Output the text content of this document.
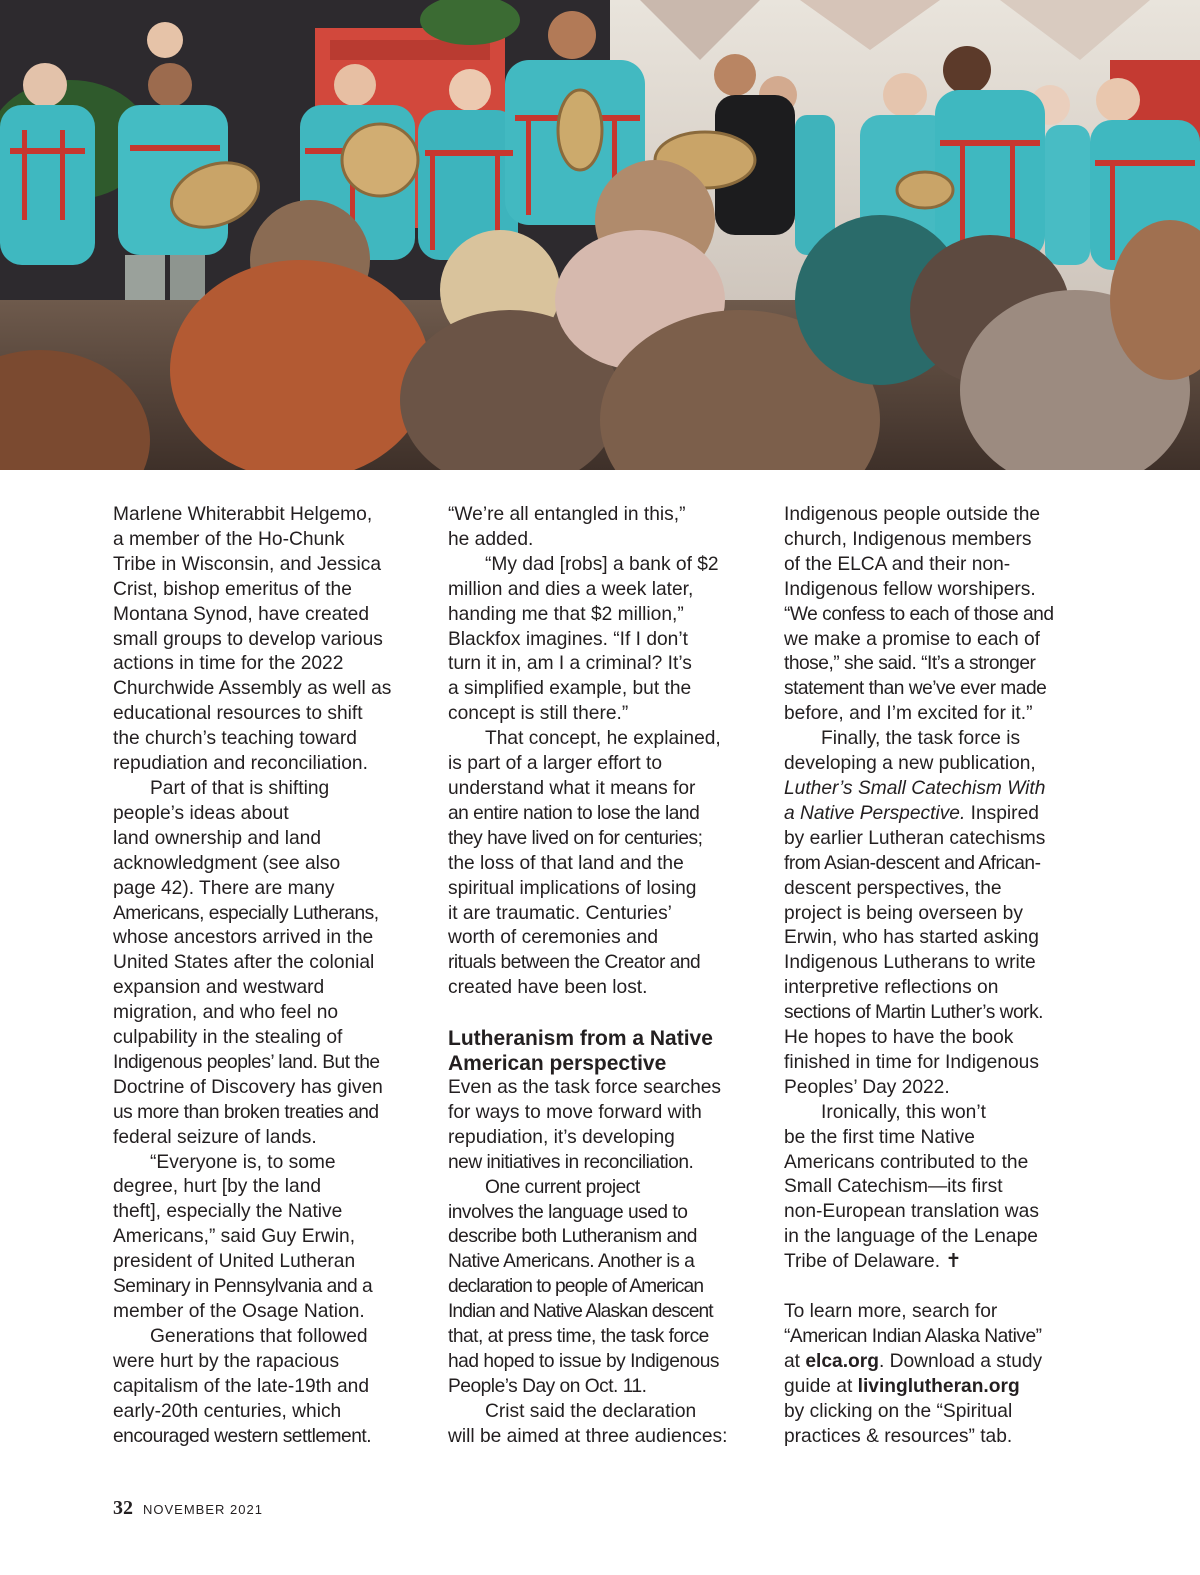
Marlene Whiterabbit Helgemo,
a member of the Ho-Chunk
Tribe in Wisconsin, and Jessica
Crist, bishop emeritus of the
Montana Synod, have created
small groups to develop various
actions in time for the 2022
Churchwide Assembly as well as
educational resources to shift
the church’s teaching toward
repudiation and reconciliation.
Part of that is shifting
people’s ideas about
land ownership and land
acknowledgment (see also
page 42). There are many
Americans, especially Lutherans,
whose ancestors arrived in the
United States after the colonial
expansion and westward
migration, and who feel no
culpability in the stealing of
Indigenous peoples’ land. But the
Doctrine of Discovery has given
us more than broken treaties and
federal seizure of lands.
“Everyone is, to some
degree, hurt [by the land
theft], especially the Native
Americans,” said Guy Erwin,
president of United Lutheran
Seminary in Pennsylvania and a
member of the Osage Nation.
Generations that followed
were hurt by the rapacious
capitalism of the late-19th and
early-20th centuries, which
encouraged western settlement.
“We’re all entangled in this,”
he added.
“My dad [robs] a bank of $2
million and dies a week later,
handing me that $2 million,”
Blackfox imagines. “If I don’t
turn it in, am I a criminal? It’s
a simplified example, but the
concept is still there.”
That concept, he explained,
is part of a larger effort to
understand what it means for
an entire nation to lose the land
they have lived on for centuries;
the loss of that land and the
spiritual implications of losing
it are traumatic. Centuries’
worth of ceremonies and
rituals between the Creator and
created have been lost.
Lutheranism from a Native
American perspective
Even as the task force searches
for ways to move forward with
repudiation, it’s developing
new initiatives in reconciliation.
One current project
involves the language used to
describe both Lutheranism and
Native Americans. Another is a
declaration to people of American
Indian and Native Alaskan descent
that, at press time, the task force
had hoped to issue by Indigenous
People’s Day on Oct. 11.
Crist said the declaration
will be aimed at three audiences:
Indigenous people outside the
church, Indigenous members
of the ELCA and their non-
Indigenous fellow worshipers.
“We confess to each of those and
we make a promise to each of
those,” she said. “It’s a stronger
statement than we’ve ever made
before, and I’m excited for it.”
Finally, the task force is
developing a new publication,
Luther’s Small Catechism With
a Native Perspective. Inspired
by earlier Lutheran catechisms
from Asian-descent and African-
descent perspectives, the
project is being overseen by
Erwin, who has started asking
Indigenous Lutherans to write
interpretive reflections on
sections of Martin Luther’s work.
He hopes to have the book
finished in time for Indigenous
Peoples’ Day 2022.
Ironically, this won’t
be the first time Native
Americans contributed to the
Small Catechism—its first
non-European translation was
in the language of the Lenape
Tribe of Delaware. ✝
To learn more, search for
“American Indian Alaska Native”
at elca.org. Download a study
guide at livinglutheran.org
by clicking on the “Spiritual
practices & resources” tab.
32 NOVEMBER 2021
